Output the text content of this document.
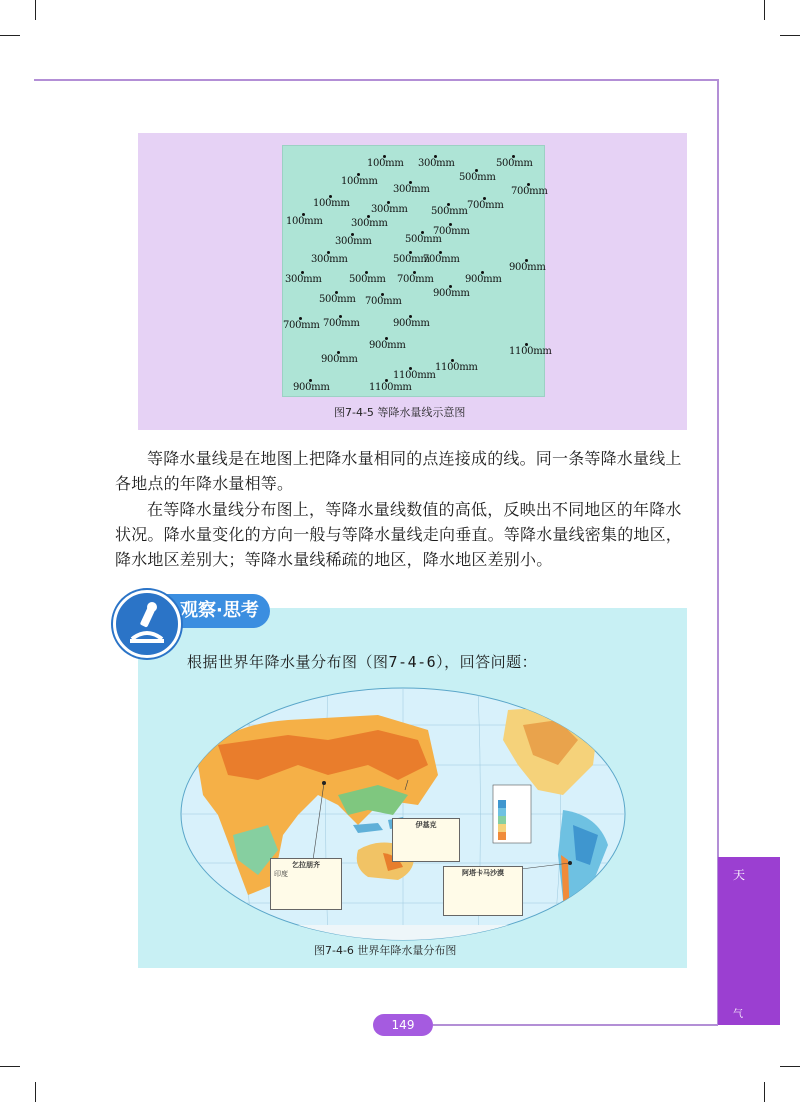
天
气
100mm 300mm	500mm
100mm	500mm
300mm	700mm
100mm
300mm 500mm
700mm
100mm	300mm
700mm
300mm	500mm
300mm	500mm
700mm
900mm
300mm	500mm 700mm	900mm
900mm
500mm 700mm
700mm 700mm	900mm
900mm
900mm
1100mm
1100mm
1100mm
900mm	1100mm
图7-4-5 等降水量线示意图

等降水量线是在地图上把降水量相同的点连接成的线。同一条等降水量线上各地点的年降水量相等。

在等降水量线分布图上，等降水量线数值的高低，反映出不同地区的年降水状况。降水量变化的方向一般与等降水量线走向垂直。等降水量线密集的地区，降水地区差别大；等降水量线稀疏的地区，降水地区差别小。

观察·思考
根据世界年降水量分布图（图7-4-6），回答问题：
乞拉朋齐
印度
伊基克
阿塔卡马沙漠
图7-4-6 世界年降水量分布图
149
